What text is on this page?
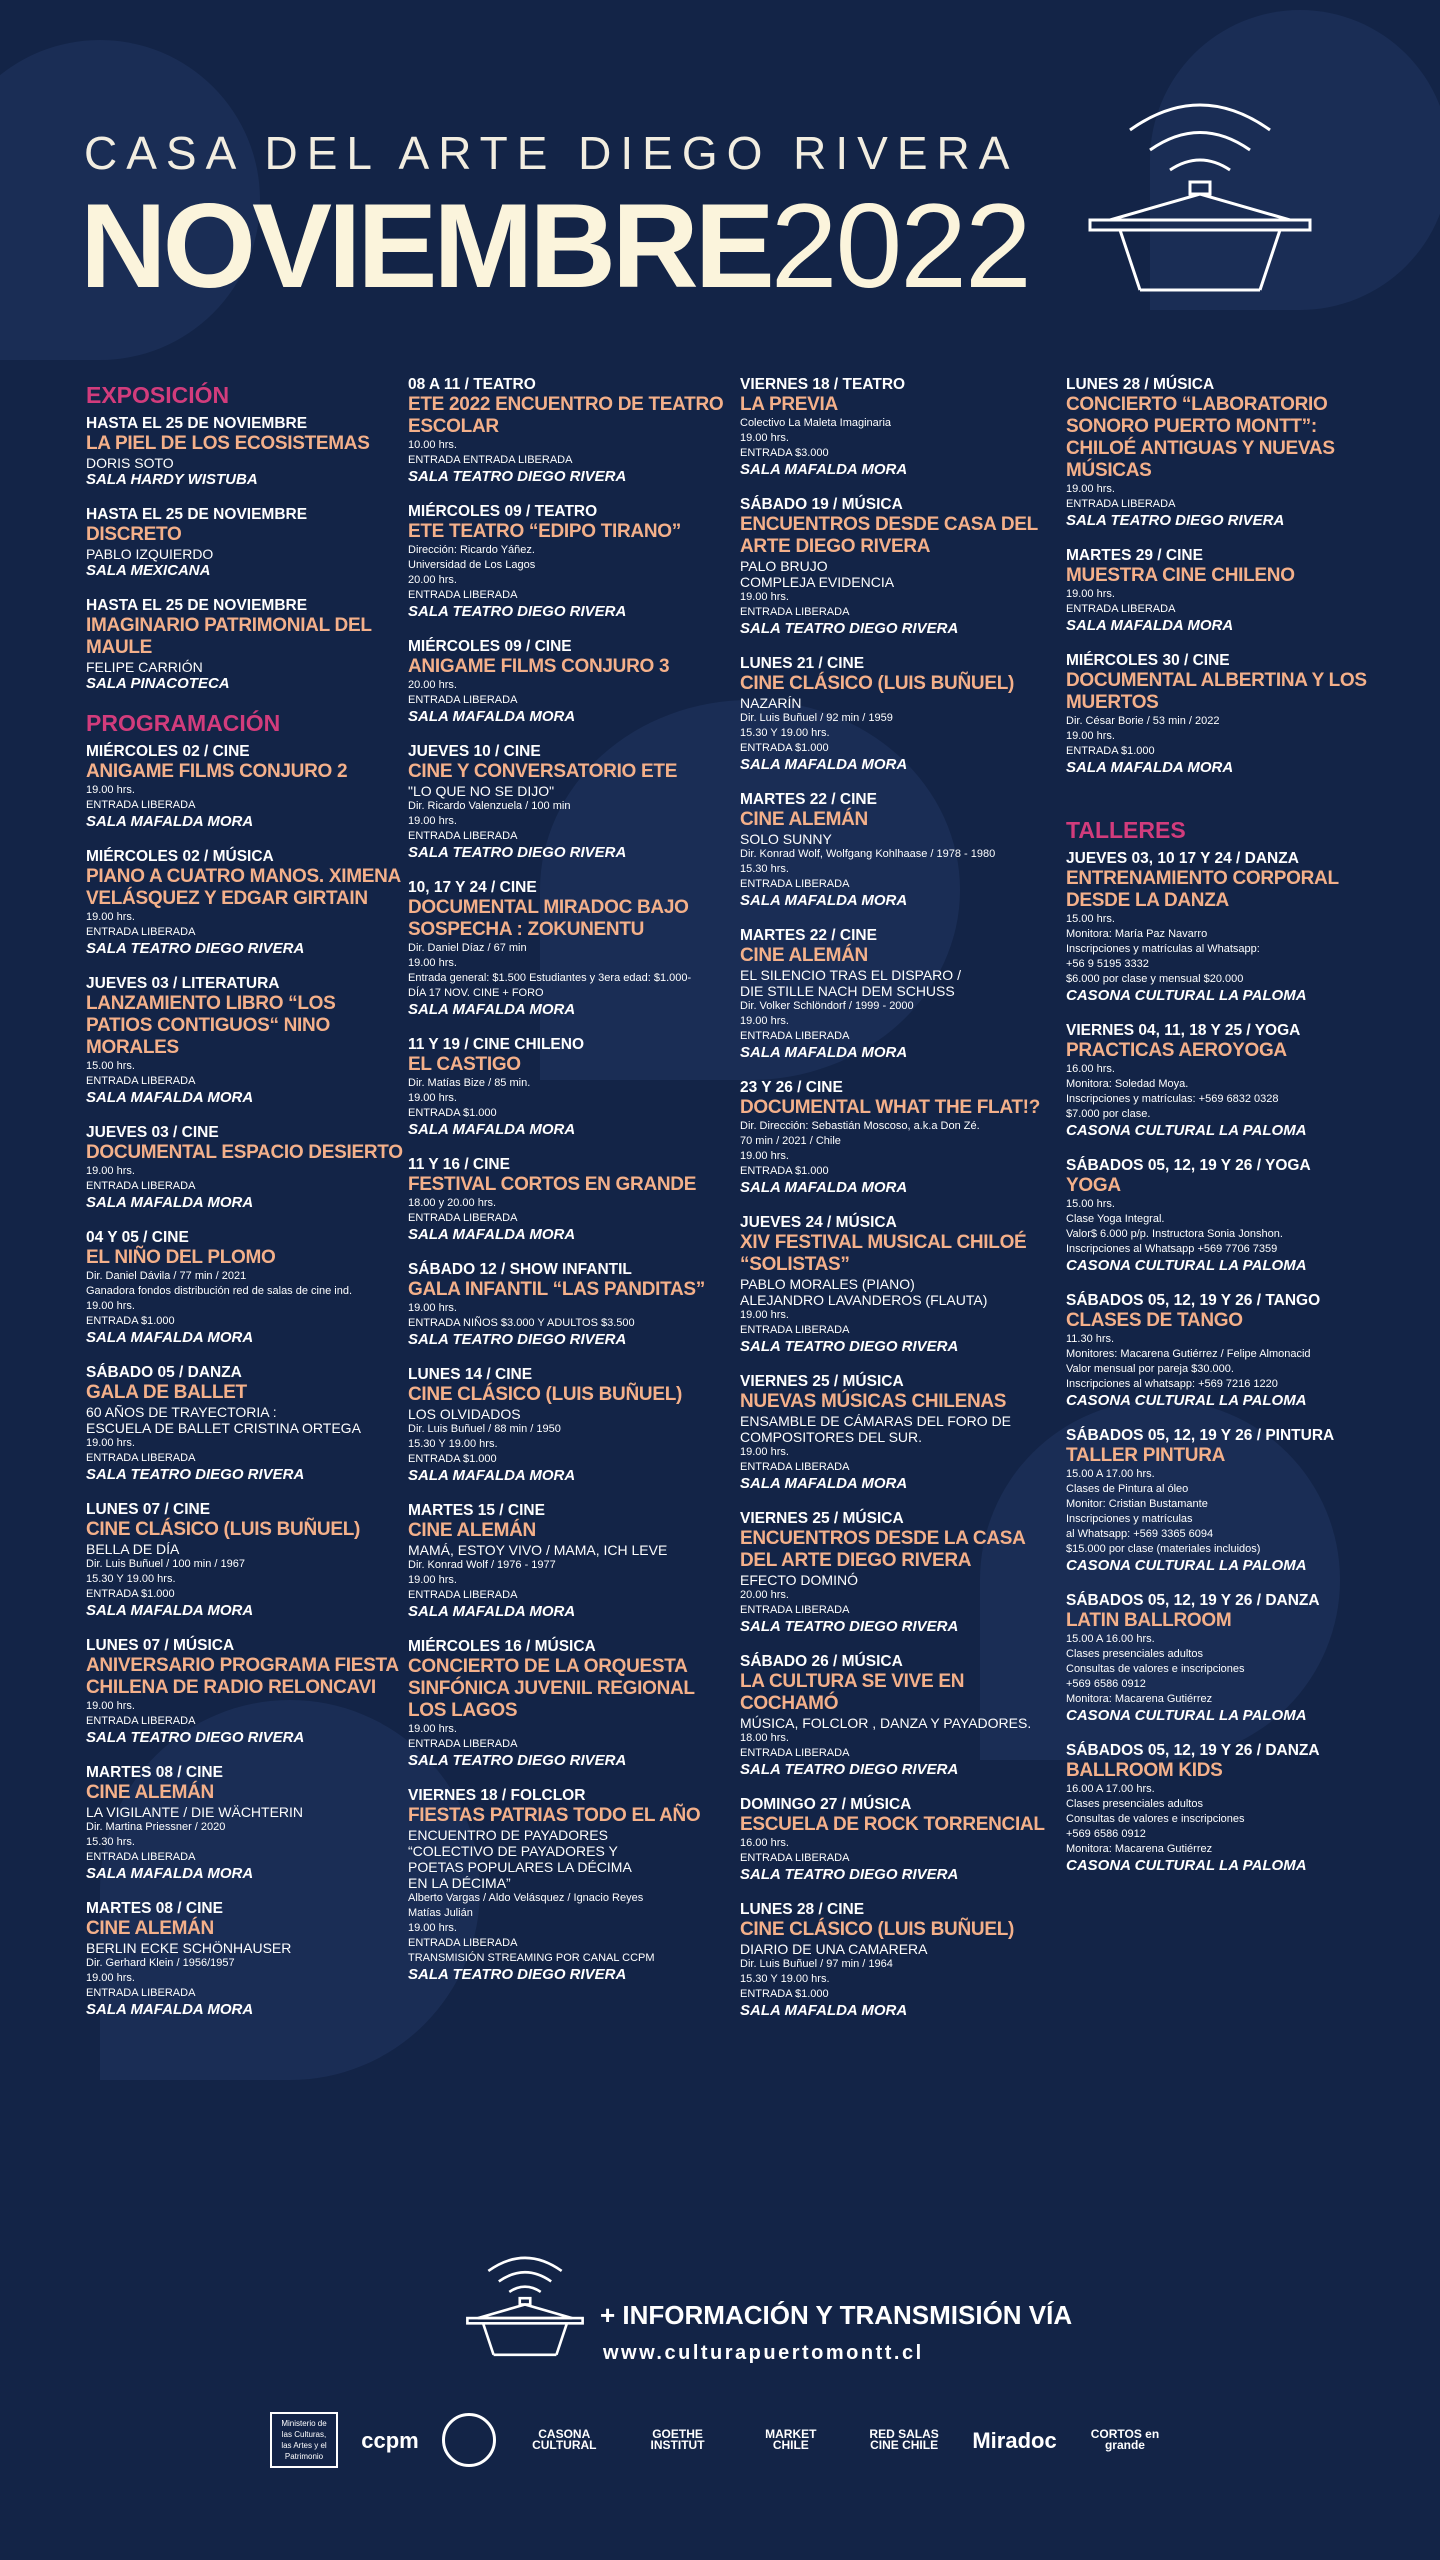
CASA DEL ARTE DIEGO RIVERA
NOVIEMBRE2022
EXPOSICIÓN
HASTA EL 25 DE NOVIEMBRE
LA PIEL DE LOS ECOSISTEMAS
DORIS SOTO
SALA HARDY WISTUBA
HASTA EL 25 DE NOVIEMBRE
DISCRETO
PABLO IZQUIERDO
SALA MEXICANA
HASTA EL 25 DE NOVIEMBRE
IMAGINARIO PATRIMONIAL DEL MAULE
FELIPE CARRIÓN
SALA PINACOTECA
PROGRAMACIÓN
MIÉRCOLES 02 / CINE
ANIGAME FILMS CONJURO 2
19.00 hrs.
ENTRADA LIBERADA
SALA MAFALDA MORA
MIÉRCOLES 02 / MÚSICA
PIANO A CUATRO MANOS. XIMENA VELÁSQUEZ Y EDGAR GIRTAIN
19.00 hrs.
ENTRADA LIBERADA
SALA TEATRO DIEGO RIVERA
JUEVES 03 / LITERATURA
LANZAMIENTO LIBRO “LOS PATIOS CONTIGUOS“ NINO MORALES
15.00 hrs.
ENTRADA LIBERADA
SALA MAFALDA MORA
JUEVES 03 / CINE
DOCUMENTAL ESPACIO DESIERTO
19.00 hrs.
ENTRADA LIBERADA
SALA MAFALDA MORA
04 Y 05 / CINE
EL NIÑO DEL PLOMO
Dir. Daniel Dávila / 77 min / 2021
Ganadora fondos distribución red de salas de cine ind.
19.00 hrs.
ENTRADA $1.000
SALA MAFALDA MORA
SÁBADO 05 / DANZA
GALA DE BALLET
60 AÑOS DE TRAYECTORIA :
ESCUELA DE BALLET CRISTINA ORTEGA
19.00 hrs.
ENTRADA LIBERADA
SALA TEATRO DIEGO RIVERA
LUNES 07 / CINE
CINE CLÁSICO (LUIS BUÑUEL)
BELLA DE DÍA
Dir. Luis Buñuel / 100 min / 1967
15.30 Y 19.00 hrs.
ENTRADA $1.000
SALA MAFALDA MORA
LUNES 07 / MÚSICA
ANIVERSARIO PROGRAMA FIESTA CHILENA DE RADIO RELONCAVI
19.00 hrs.
ENTRADA LIBERADA
SALA TEATRO DIEGO RIVERA
MARTES 08 / CINE
CINE ALEMÁN
LA VIGILANTE / DIE WÄCHTERIN
Dir. Martina Priessner / 2020
15.30 hrs.
ENTRADA LIBERADA
SALA MAFALDA MORA
MARTES 08 / CINE
CINE ALEMÁN
BERLIN ECKE SCHÖNHAUSER
Dir. Gerhard Klein / 1956/1957
19.00 hrs.
ENTRADA LIBERADA
SALA MAFALDA MORA
08 A 11 / TEATRO
ETE 2022 ENCUENTRO DE TEATRO ESCOLAR
10.00 hrs.
ENTRADA ENTRADA LIBERADA
SALA TEATRO DIEGO RIVERA
MIÉRCOLES 09 / TEATRO
ETE TEATRO “EDIPO TIRANO”
Dirección: Ricardo Yáñez.
Universidad de Los Lagos
20.00 hrs.
ENTRADA LIBERADA
SALA TEATRO DIEGO RIVERA
MIÉRCOLES 09 / CINE
ANIGAME FILMS CONJURO 3
20.00 hrs.
ENTRADA LIBERADA
SALA MAFALDA MORA
JUEVES 10 / CINE
CINE Y CONVERSATORIO ETE
"LO QUE NO SE DIJO"
Dir. Ricardo Valenzuela / 100 min
19.00 hrs.
ENTRADA LIBERADA
SALA TEATRO DIEGO RIVERA
10, 17 Y 24 / CINE
DOCUMENTAL MIRADOC BAJO SOSPECHA : ZOKUNENTU
Dir. Daniel Díaz / 67 min
19.00 hrs.
Entrada general: $1.500 Estudiantes y 3era edad: $1.000-
DÍA 17 NOV. CINE + FORO
SALA MAFALDA MORA
11 Y 19 / CINE CHILENO
EL CASTIGO
Dir. Matías Bize / 85 min.
19.00 hrs.
ENTRADA $1.000
SALA MAFALDA MORA
11 Y 16 / CINE
FESTIVAL CORTOS EN GRANDE
18.00 y 20.00 hrs.
ENTRADA LIBERADA
SALA MAFALDA MORA
SÁBADO 12 / SHOW INFANTIL
GALA INFANTIL “LAS PANDITAS”
19.00 hrs.
ENTRADA NIÑOS $3.000 Y ADULTOS $3.500
SALA TEATRO DIEGO RIVERA
LUNES 14 / CINE
CINE CLÁSICO (LUIS BUÑUEL)
LOS OLVIDADOS
Dir. Luis Buñuel / 88 min / 1950
15.30 Y 19.00 hrs.
ENTRADA $1.000
SALA MAFALDA MORA
MARTES 15 / CINE
CINE ALEMÁN
MAMÁ, ESTOY VIVO / MAMA, ICH LEVE
Dir. Konrad Wolf / 1976 - 1977
19.00 hrs.
ENTRADA LIBERADA
SALA MAFALDA MORA
MIÉRCOLES 16 / MÚSICA
CONCIERTO DE LA ORQUESTA SINFÓNICA JUVENIL REGIONAL LOS LAGOS
19.00 hrs.
ENTRADA LIBERADA
SALA TEATRO DIEGO RIVERA
VIERNES 18 / FOLCLOR
FIESTAS PATRIAS TODO EL AÑO
ENCUENTRO DE PAYADORES
“COLECTIVO DE PAYADORES Y
POETAS POPULARES LA DÉCIMA
EN LA DÉCIMA”
Alberto Vargas / Aldo Velásquez / Ignacio Reyes
Matías Julián
19.00 hrs.
ENTRADA LIBERADA
TRANSMISIÓN STREAMING POR CANAL CCPM
SALA TEATRO DIEGO RIVERA
VIERNES 18 / TEATRO
LA PREVIA
Colectivo La Maleta Imaginaria
19.00 hrs.
ENTRADA $3.000
SALA MAFALDA MORA
SÁBADO 19 / MÚSICA
ENCUENTROS DESDE CASA DEL ARTE DIEGO RIVERA
PALO BRUJO
COMPLEJA EVIDENCIA
19.00 hrs.
ENTRADA LIBERADA
SALA TEATRO DIEGO RIVERA
LUNES 21 / CINE
CINE CLÁSICO (LUIS BUÑUEL)
NAZARÍN
Dir. Luis Buñuel / 92 min / 1959
15.30 Y 19.00 hrs.
ENTRADA $1.000
SALA MAFALDA MORA
MARTES 22 / CINE
CINE ALEMÁN
SOLO SUNNY
Dir. Konrad Wolf, Wolfgang Kohlhaase / 1978 - 1980
15.30 hrs.
ENTRADA LIBERADA
SALA MAFALDA MORA
MARTES 22 / CINE
CINE ALEMÁN
EL SILENCIO TRAS EL DISPARO /
DIE STILLE NACH DEM SCHUSS
Dir. Volker Schlöndorf / 1999 - 2000
19.00 hrs.
ENTRADA LIBERADA
SALA MAFALDA MORA
23 Y 26 / CINE
DOCUMENTAL WHAT THE FLAT!?
Dir. Dirección: Sebastián Moscoso, a.k.a Don Zé.
70 min / 2021 / Chile
19.00 hrs.
ENTRADA $1.000
SALA MAFALDA MORA
JUEVES 24 / MÚSICA
XIV FESTIVAL MUSICAL CHILOÉ “SOLISTAS”
PABLO MORALES (PIANO)
ALEJANDRO LAVANDEROS (FLAUTA)
19.00 hrs.
ENTRADA LIBERADA
SALA TEATRO DIEGO RIVERA
VIERNES 25 / MÚSICA
NUEVAS MÚSICAS CHILENAS
ENSAMBLE DE CÁMARAS DEL FORO DE
COMPOSITORES DEL SUR.
19.00 hrs.
ENTRADA LIBERADA
SALA MAFALDA MORA
VIERNES 25 / MÚSICA
ENCUENTROS DESDE LA CASA DEL ARTE DIEGO RIVERA
EFECTO DOMINÓ
20.00 hrs.
ENTRADA LIBERADA
SALA TEATRO DIEGO RIVERA
SÁBADO 26 / MÚSICA
LA CULTURA SE VIVE EN COCHAMÓ
MÚSICA, FOLCLOR , DANZA Y PAYADORES.
18.00 hrs.
ENTRADA LIBERADA
SALA TEATRO DIEGO RIVERA
DOMINGO 27 / MÚSICA
ESCUELA DE ROCK TORRENCIAL
16.00 hrs.
ENTRADA LIBERADA
SALA TEATRO DIEGO RIVERA
LUNES 28 / CINE
CINE CLÁSICO (LUIS BUÑUEL)
DIARIO DE UNA CAMARERA
Dir. Luis Buñuel / 97 min / 1964
15.30 Y 19.00 hrs.
ENTRADA $1.000
SALA MAFALDA MORA
LUNES 28 / MÚSICA
CONCIERTO “LABORATORIO SONORO PUERTO MONTT”: CHILOÉ ANTIGUAS Y NUEVAS MÚSICAS
19.00 hrs.
ENTRADA LIBERADA
SALA TEATRO DIEGO RIVERA
MARTES 29 / CINE
MUESTRA CINE CHILENO
19.00 hrs.
ENTRADA LIBERADA
SALA MAFALDA MORA
MIÉRCOLES 30 / CINE
DOCUMENTAL ALBERTINA Y LOS MUERTOS
Dir. César Borie / 53 min / 2022
19.00 hrs.
ENTRADA $1.000
SALA MAFALDA MORA
TALLERES
JUEVES 03, 10 17 Y 24 / DANZA
ENTRENAMIENTO CORPORAL DESDE LA DANZA
15.00 hrs.
Monitora: María Paz Navarro
Inscripciones y matrículas al Whatsapp:
+56 9 5195 3332
$6.000 por clase y mensual $20.000
CASONA CULTURAL LA PALOMA
VIERNES 04, 11, 18 Y 25 / YOGA
PRACTICAS AEROYOGA
16.00 hrs.
Monitora: Soledad Moya.
Inscripciones y matrículas: +569 6832 0328
$7.000 por clase.
CASONA CULTURAL LA PALOMA
SÁBADOS 05, 12, 19 Y 26 / YOGA
YOGA
15.00 hrs.
Clase Yoga Integral.
Valor$ 6.000 p/p. Instructora Sonia Jonshon.
Inscripciones al Whatsapp +569 7706 7359
CASONA CULTURAL LA PALOMA
SÁBADOS 05, 12, 19 Y 26 / TANGO
CLASES DE TANGO
11.30 hrs.
Monitores: Macarena Gutiérrez / Felipe Almonacid
Valor mensual por pareja $30.000.
Inscripciones al whatsapp: +569 7216 1220
CASONA CULTURAL LA PALOMA
SÁBADOS 05, 12, 19 Y 26 / PINTURA
TALLER PINTURA
15.00 A 17.00 hrs.
Clases de Pintura al óleo
Monitor: Cristian Bustamante
Inscripciones y matrículas
al Whatsapp: +569 3365 6094
$15.000 por clase (materiales incluidos)
CASONA CULTURAL LA PALOMA
SÁBADOS 05, 12, 19 Y 26 / DANZA
LATIN BALLROOM
15.00 A 16.00 hrs.
Clases presenciales adultos
Consultas de valores e inscripciones
+569 6586 0912
Monitora: Macarena Gutiérrez
CASONA CULTURAL LA PALOMA
SÁBADOS 05, 12, 19 Y 26 / DANZA
BALLROOM KIDS
16.00 A 17.00 hrs.
Clases presenciales adultos
Consultas de valores e inscripciones
+569 6586 0912
Monitora: Macarena Gutiérrez
CASONA CULTURAL LA PALOMA
+ INFORMACIÓN Y TRANSMISIÓN VÍA
www.culturapuertomontt.cl
Ministerio de las Culturas, las Artes y el Patrimonio
ccpm	CASONA CULTURAL
GOETHE INSTITUT
MARKET CHILE
RED SALAS CINE CHILE	Miradoc	CORTOS en grande
